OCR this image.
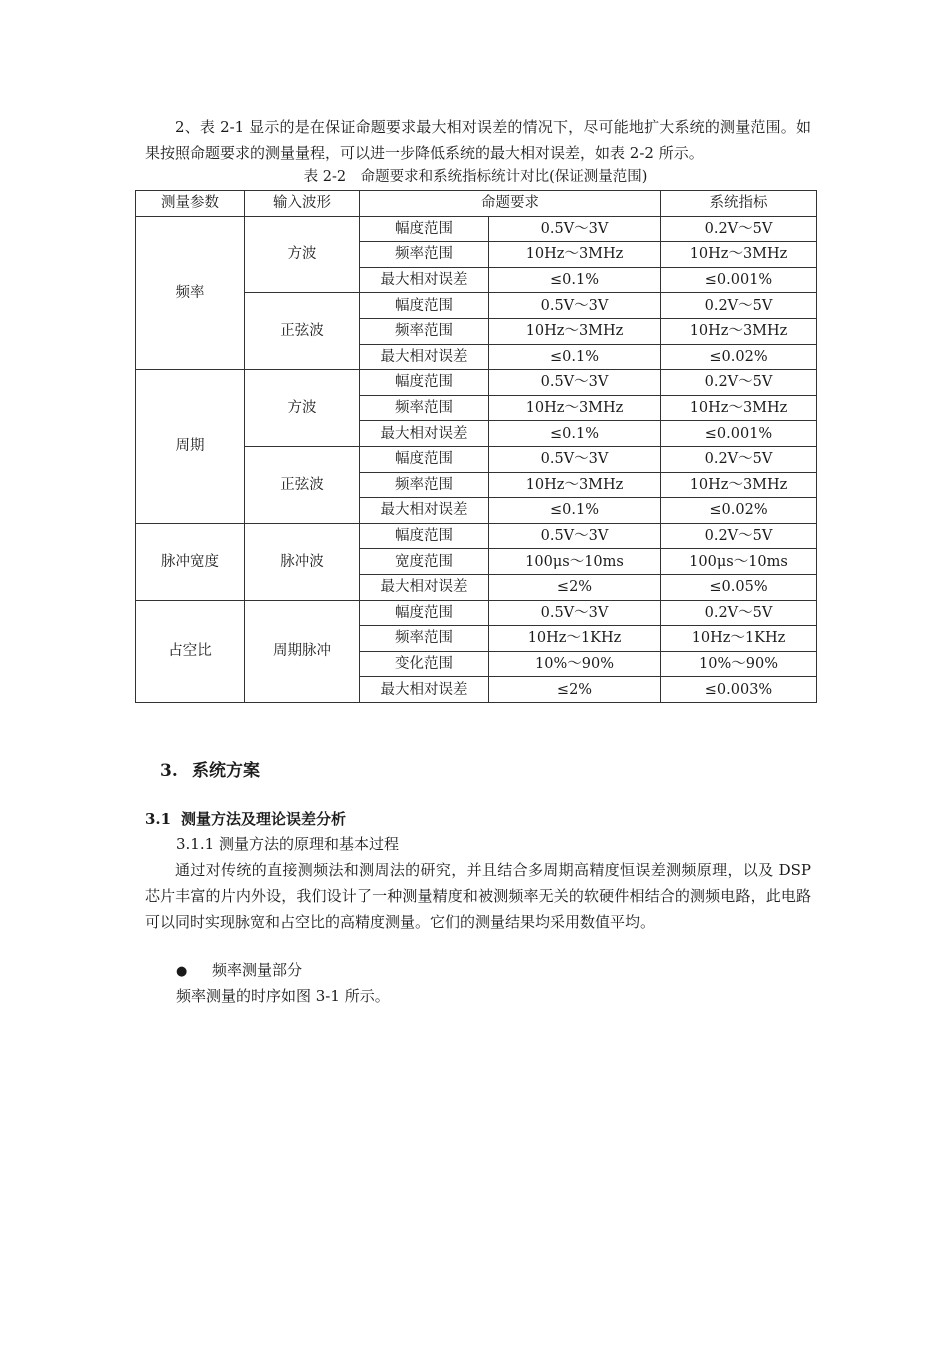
2、表 2-1 显示的是在保证命题要求最大相对误差的情况下，尽可能地扩大系统的测量范围。如果按照命题要求的测量量程，可以进一步降低系统的最大相对误差，如表 2-2 所示。

表 2-2　命题要求和系统指标统计对比(保证测量范围)
测量参数	输入波形	命题要求		系统指标
频率	方波	幅度范围	0.5V～3V	0.2V～5V
		频率范围	10Hz～3MHz	10Hz～3MHz
		最大相对误差	≤0.1%	≤0.001%
	正弦波	幅度范围	0.5V～3V	0.2V～5V
		频率范围	10Hz～3MHz	10Hz～3MHz
		最大相对误差	≤0.1%	≤0.02%
周期	方波	幅度范围	0.5V～3V	0.2V～5V
		频率范围	10Hz～3MHz	10Hz～3MHz
		最大相对误差	≤0.1%	≤0.001%
	正弦波	幅度范围	0.5V～3V	0.2V～5V
		频率范围	10Hz～3MHz	10Hz～3MHz
		最大相对误差	≤0.1%	≤0.02%
脉冲宽度	脉冲波	幅度范围	0.5V～3V	0.2V～5V
		宽度范围	100μs～10ms	100μs～10ms
		最大相对误差	≤2%	≤0.05%
占空比	周期脉冲	幅度范围	0.5V～3V	0.2V～5V
		频率范围	10Hz～1KHz	10Hz～1KHz
		变化范围	10%～90%	10%～90%
		最大相对误差	≤2%	≤0.003%
3. 系统方案
3.1 测量方法及理论误差分析
3.1.1 测量方法的原理和基本过程

通过对传统的直接测频法和测周法的研究，并且结合多周期高精度恒误差测频原理，以及 DSP 芯片丰富的片内外设，我们设计了一种测量精度和被测频率无关的软硬件相结合的测频电路，此电路可以同时实现脉宽和占空比的高精度测量。它们的测量结果均采用数值平均。

● 频率测量部分
频率测量的时序如图 3-1 所示。
